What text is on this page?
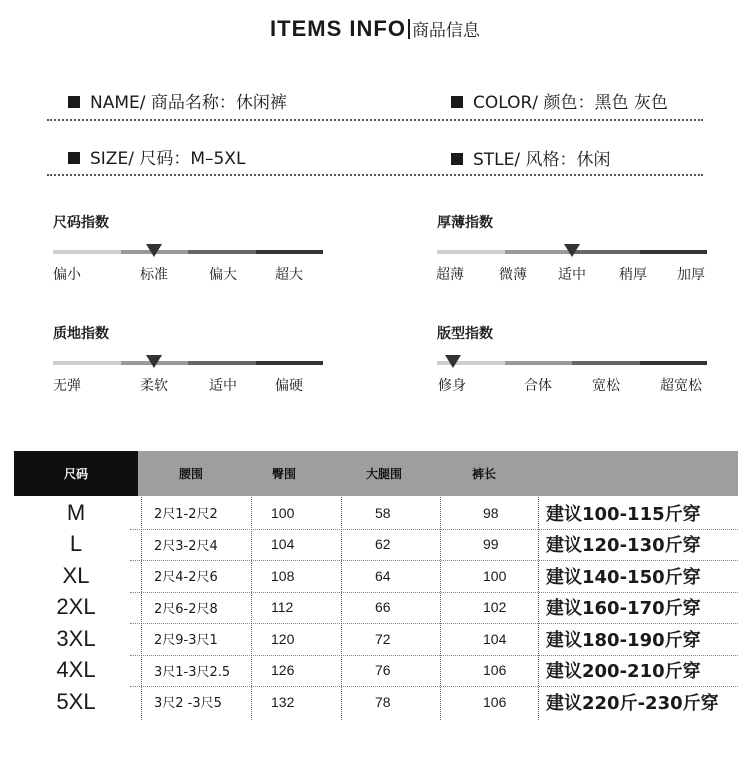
ITEMS INFO 商品信息
NAME/ 商品名称：休闲裤	COLOR/ 颜色：黑色 灰色
SIZE/ 尺码：M–5XL	STLE/ 风格：休闲
尺码指数
偏小	标准	偏大	超大
厚薄指数
超薄	微薄 适中 稍厚 加厚
质地指数
无弹	柔软	适中	偏硬
版型指数
修身	合体	宽松	超宽松
尺码	腰围	臀围	大腿围	裤长
M	2尺1-2尺2	100	58	98	建议100-115斤穿
L	2尺3-2尺4	104	62	99	建议120-130斤穿
XL	2尺4-2尺6	108	64	100 建议140-150斤穿
2XL	2尺6-2尺8	112	66	102 建议160-170斤穿
3XL	2尺9-3尺1	120	72	104 建议180-190斤穿
4XL	3尺1-3尺2.5	126	76	106 建议200-210斤穿
5XL	3尺2 -3尺5	132	78	106 建议220斤-230斤穿
